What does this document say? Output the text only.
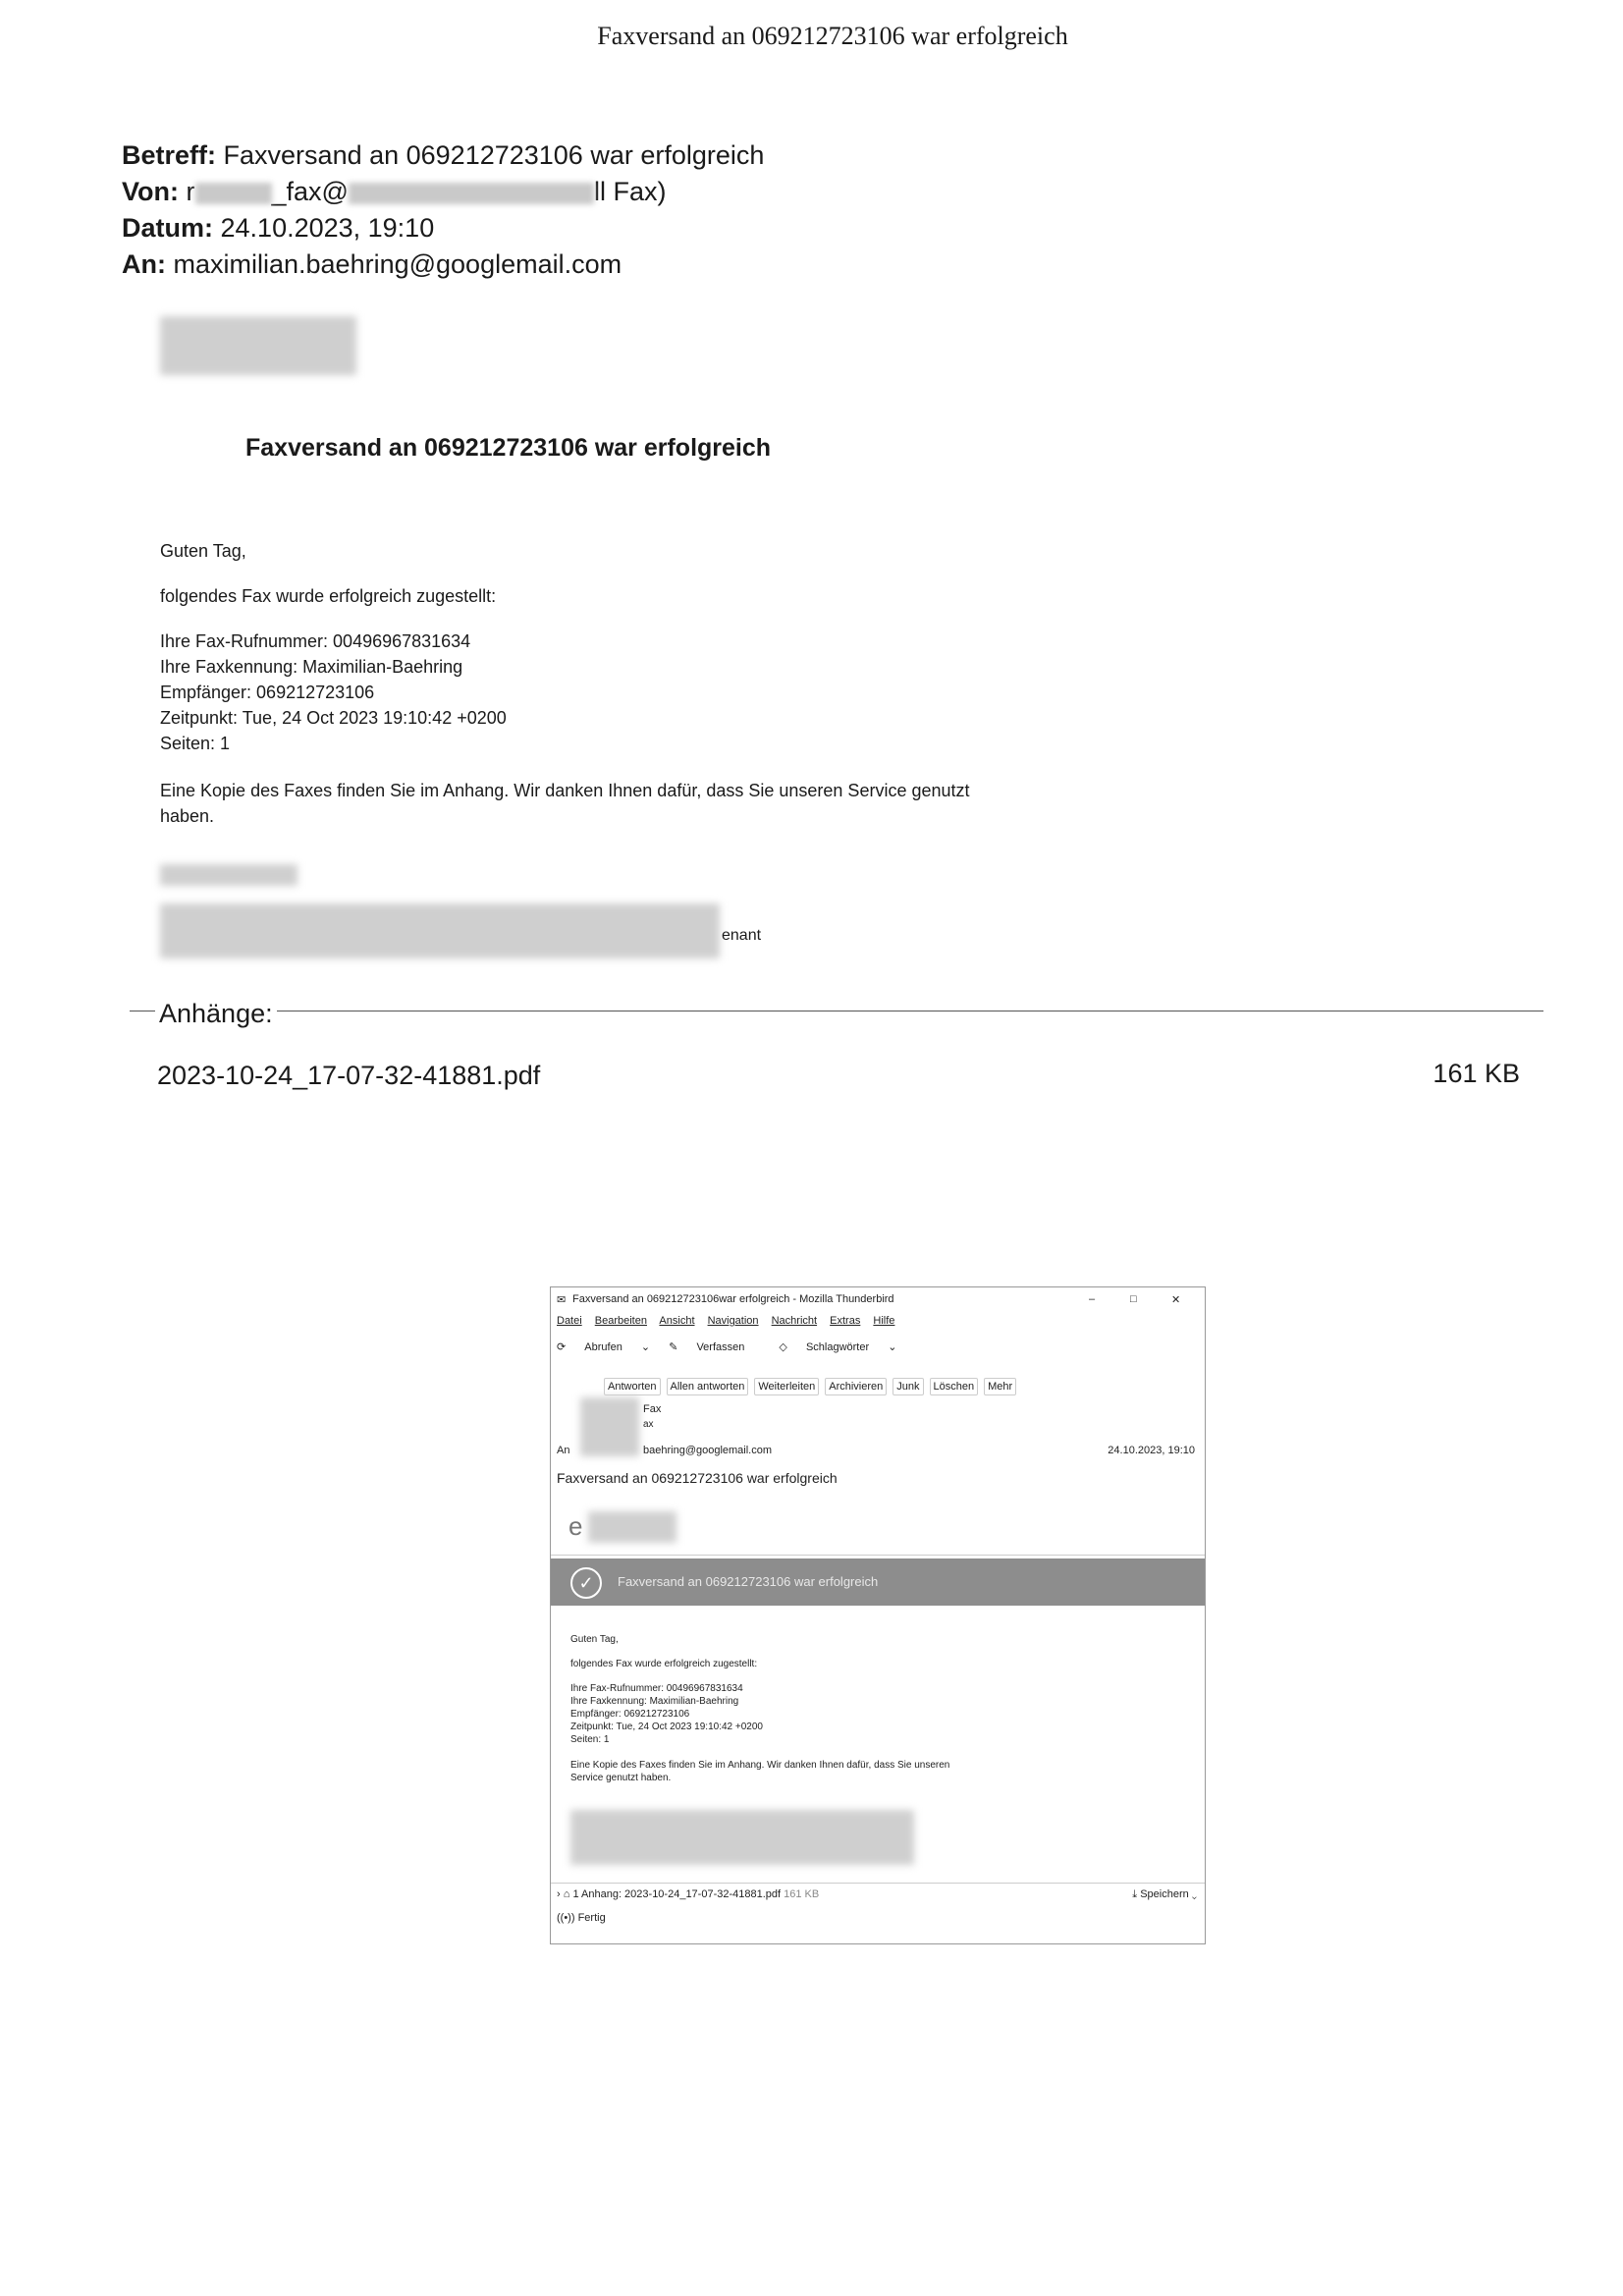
Faxversand an 069212723106 war erfolgreich
Betreff: Faxversand an 069212723106 war erfolgreich
Von: r	_fax@	ll Fax)
Datum: 24.10.2023, 19:10
An: maximilian.baehring@googlemail.com
Faxversand an 069212723106 war erfolgreich
Guten Tag,
folgendes Fax wurde erfolgreich zugestellt:
Ihre Fax-Rufnummer: 00496967831634
Ihre Faxkennung: Maximilian-Baehring
Empfänger: 069212723106
Zeitpunkt: Tue, 24 Oct 2023 19:10:42 +0200
Seiten: 1
Eine Kopie des Faxes finden Sie im Anhang. Wir danken Ihnen dafür, dass Sie unseren Service genutzt
haben.
enant
Anhänge:
2023-10-24_17-07-32-41881.pdf	161 KB
✉ Faxversand an 069212723106war erfolgreich - Mozilla Thunderbird	–	□	✕
Datei Bearbeiten Ansicht Navigation Nachricht Extras Hilfe
⟳ Abrufen ⌄ ✎ Verfassen	◇ Schlagwörter ⌄
Antworten Allen antworten Weiterleiten Archivieren Junk Löschen Mehr
Fax
ax
An	baehring@googlemail.com	24.10.2023, 19:10
Faxversand an 069212723106 war erfolgreich
e
✓	Faxversand an 069212723106 war erfolgreich
Guten Tag,
folgendes Fax wurde erfolgreich zugestellt:
Ihre Fax-Rufnummer: 00496967831634
Ihre Faxkennung: Maximilian-Baehring
Empfänger: 069212723106
Zeitpunkt: Tue, 24 Oct 2023 19:10:42 +0200
Seiten: 1
Eine Kopie des Faxes finden Sie im Anhang. Wir danken Ihnen dafür, dass Sie unseren
Service genutzt haben.
› ⌂ 1 Anhang: 2023-10-24_17-07-32-41881.pdf 161 KB	⤓ Speichern ⌄
((•)) Fertig
